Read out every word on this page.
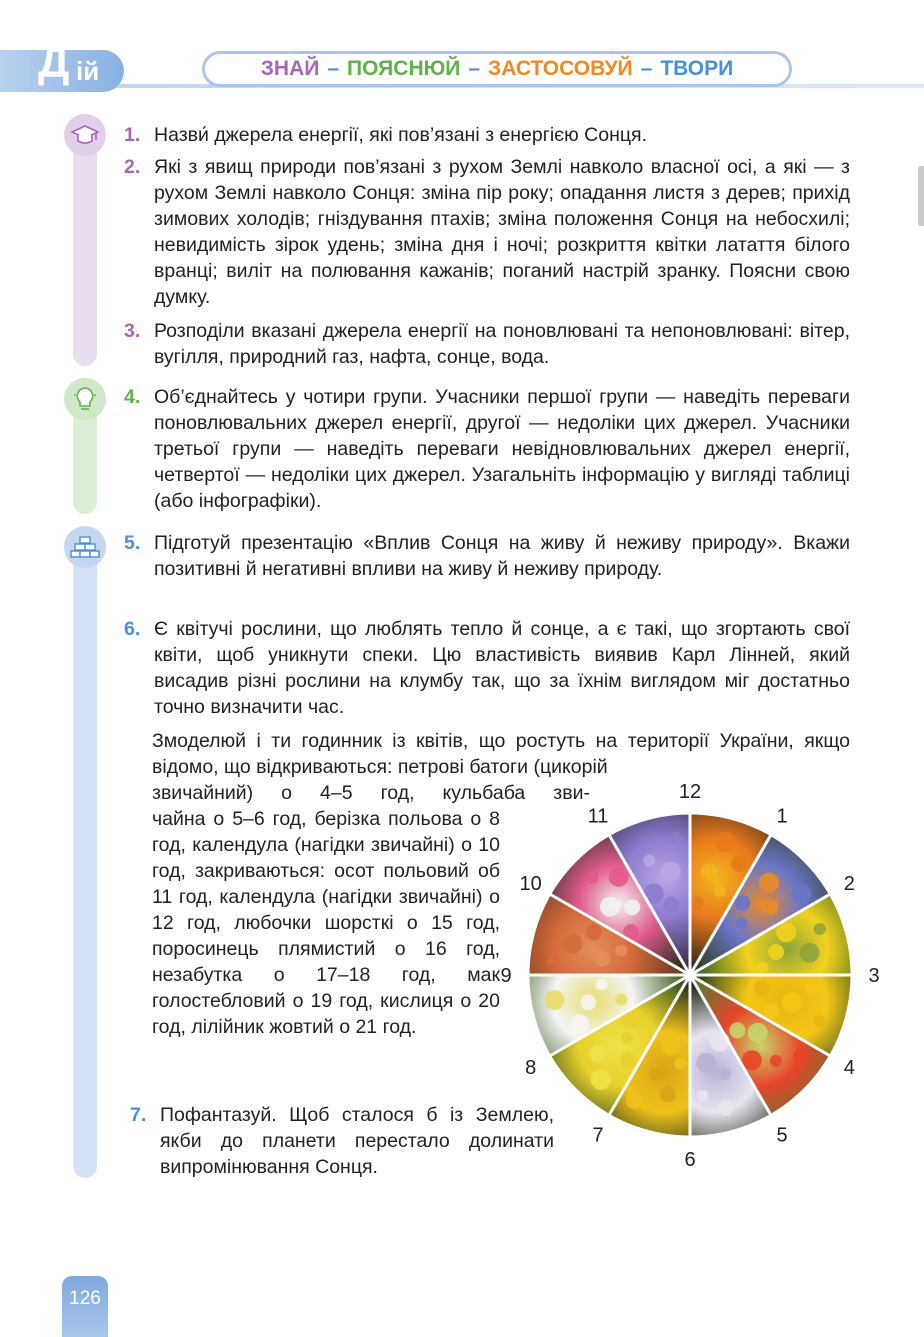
Д ій	ЗНАЙ – ПОЯСНЮЙ – ЗАСТОСОВУЙ – ТВОРИ
1. Назви́ джерела енергії, які пов’язані з енергією Сонця.
2. Які з явищ природи пов’язані з рухом Землі навколо власної осі, а які — з рухом Землі навколо Сонця: зміна пір року; опадання листя з дерев; прихід зимових холодів; гніздування птахів; зміна положення Сонця на небосхилі; невидимість зірок удень; зміна дня і ночі; розкриття квітки латаття білого вранці; виліт на полювання кажанів; поганий настрій зранку. Поясни свою думку.
3. Розподіли вказані джерела енергії на поновлювані та непоновлювані: вітер, вугілля, природний газ, нафта, сонце, вода.
4. Об’єднайтесь у чотири групи. Учасники першої групи — наведіть переваги поновлювальних джерел енергії, другої — недоліки цих джерел. Учасники третьої групи — наведіть переваги невідновлювальних джерел енергії, четвертої — недоліки цих джерел. Узагальніть інформацію у вигляді таблиці (або інфографіки).
5. Підготуй презентацію «Вплив Сонця на живу й неживу природу». Вкажи позитивні й негативні впливи на живу й неживу природу.
6. Є квітучі рослини, що люблять тепло й сонце, а є такі, що згортають свої квіти, щоб уникнути спеки. Цю властивість виявив Карл Лінней, який висадив різні рослини на клумбу так, що за їхнім виглядом міг достатньо точно визначити час.
Змоделюй і ти годинник із квітів, що ростуть на території України, якщо відомо, що відкриваються: петрові батоги (цикорій
звичайний) о 4–5 год, кульбаба зви-
чайна о 5–6 год, берізка польова о 8 год, календула (нагідки звичайні) о 10 год, закриваються: осот польовий об 11 год, календула (нагідки звичайні) о 12 год, любочки шорсткі о 15 год, поросинець плямистий о 16 год, незабутка о 17–18 год, мак голостебловий о 19 год, кислиця о 20 год, лілійник жовтий о 21 год.
7. Пофантазуй. Щоб сталося б із Землею, якби до планети перестало долинати випромінювання Сонця.
12
1
2
3
4
5
6
7
8
9
10
11
126
